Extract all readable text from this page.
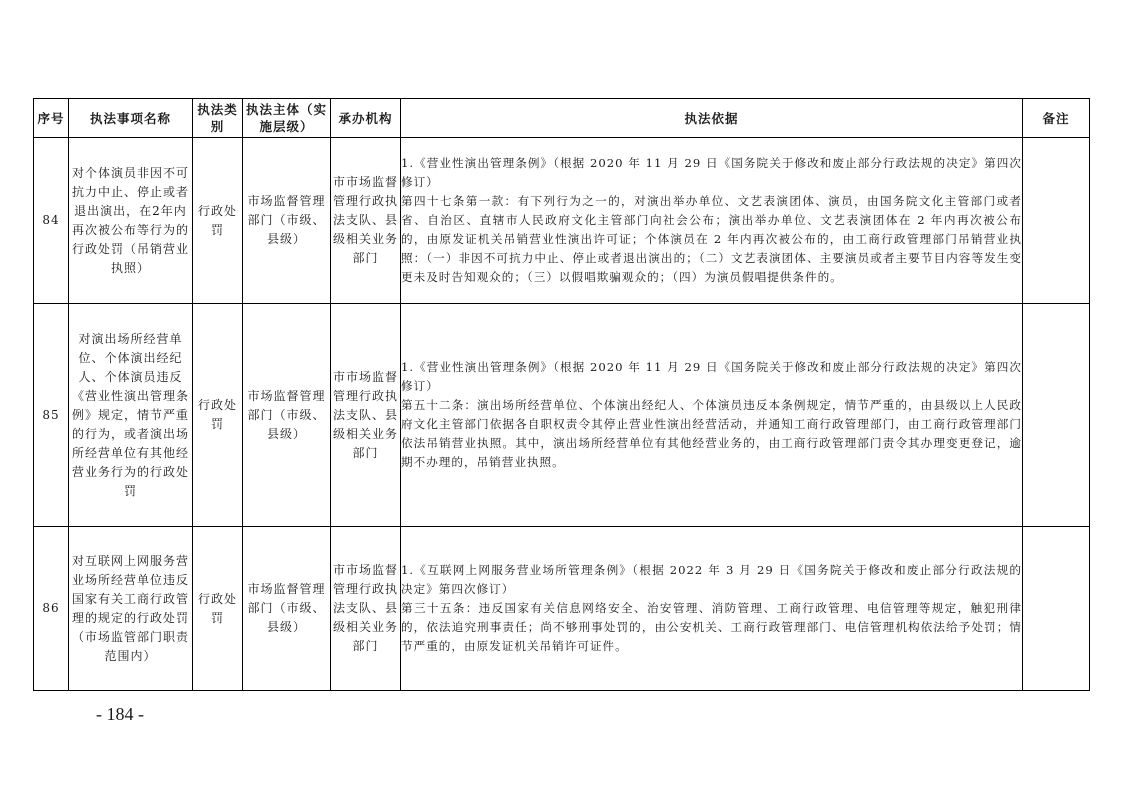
序号	执法事项名称	执法类别	执法主体（实施层级）	承办机构	执法依据	备注
84	对个体演员非因不可抗力中止、停止或者退出演出，在2年内再次被公布等行为的行政处罚（吊销营业执照）	行政处罚	市场监督管理部门（市级、县级）	市市场监督管理行政执法支队、县级相关业务部门	1.《营业性演出管理条例》（根据 2020 年 11 月 29 日《国务院关于修改和废止部分行政法规的决定》第四次修订）

第四十七条第一款：有下列行为之一的，对演出举办单位、文艺表演团体、演员，由国务院文化主管部门或者省、自治区、直辖市人民政府文化主管部门向社会公布；演出举办单位、文艺表演团体在 2 年内再次被公布的，由原发证机关吊销营业性演出许可证；个体演员在 2 年内再次被公布的，由工商行政管理部门吊销营业执照：（一）非因不可抗力中止、停止或者退出演出的；（二）文艺表演团体、主要演员或者主要节目内容等发生变更未及时告知观众的；（三）以假唱欺骗观众的；（四）为演员假唱提供条件的。	

85	对演出场所经营单位、个体演出经纪人、个体演员违反《营业性演出管理条例》规定，情节严重的行为，或者演出场所经营单位有其他经营业务行为的行政处罚	行政处罚	市场监督管理部门（市级、县级）	市市场监督管理行政执法支队、县级相关业务部门	1.《营业性演出管理条例》（根据 2020 年 11 月 29 日《国务院关于修改和废止部分行政法规的决定》第四次修订）

第五十二条：演出场所经营单位、个体演出经纪人、个体演员违反本条例规定，情节严重的，由县级以上人民政府文化主管部门依据各自职权责令其停止营业性演出经营活动，并通知工商行政管理部门，由工商行政管理部门依法吊销营业执照。其中，演出场所经营单位有其他经营业务的，由工商行政管理部门责令其办理变更登记，逾期不办理的，吊销营业执照。	

86	对互联网上网服务营业场所经营单位违反国家有关工商行政管理的规定的行政处罚（市场监管部门职责范围内）	行政处罚	市场监督管理部门（市级、县级）	市市场监督管理行政执法支队、县级相关业务部门	1.《互联网上网服务营业场所管理条例》（根据 2022 年 3 月 29 日《国务院关于修改和废止部分行政法规的决定》第四次修订）

第三十五条：违反国家有关信息网络安全、治安管理、消防管理、工商行政管理、电信管理等规定，触犯刑律的，依法追究刑事责任；尚不够刑事处罚的，由公安机关、工商行政管理部门、电信管理机构依法给予处罚；情节严重的，由原发证机关吊销许可证件。	

- 184 -
